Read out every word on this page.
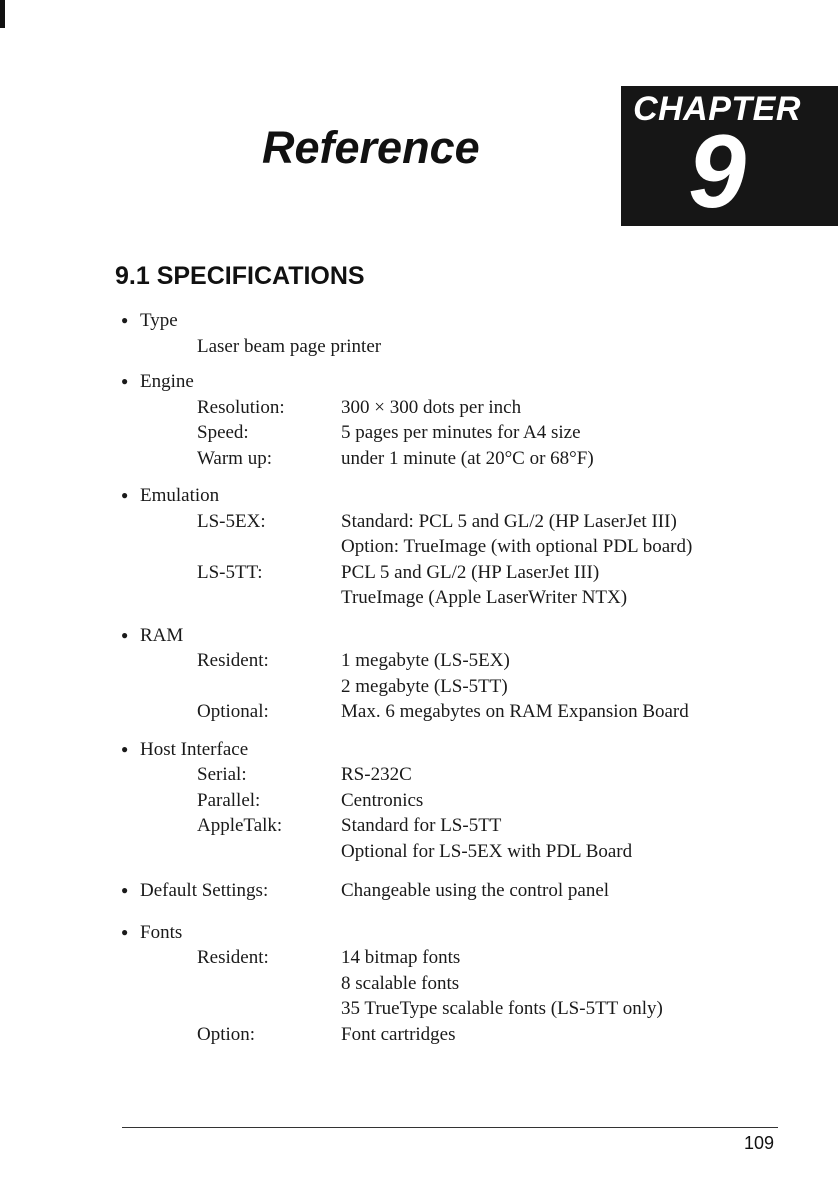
Reference
CHAPTER
9
9.1 SPECIFICATIONS
● Type
Laser beam page printer
● Engine
Resolution:	300 × 300 dots per inch
Speed:	5 pages per minutes for A4 size
Warm up:	under 1 minute (at 20°C or 68°F)
● Emulation
LS-5EX:	Standard: PCL 5 and GL/2 (HP LaserJet III)
Option: TrueImage (with optional PDL board)
LS-5TT:	PCL 5 and GL/2 (HP LaserJet III)
TrueImage (Apple LaserWriter NTX)
● RAM
Resident:	1 megabyte (LS-5EX)
2 megabyte (LS-5TT)
Optional:	Max. 6 megabytes on RAM Expansion Board
● Host Interface
Serial:	RS-232C
Parallel:	Centronics
AppleTalk:	Standard for LS-5TT
Optional for LS-5EX with PDL Board
● Default Settings:	Changeable using the control panel
● Fonts
Resident:	14 bitmap fonts
8 scalable fonts
35 TrueType scalable fonts (LS-5TT only)
Option:	Font cartridges
109
